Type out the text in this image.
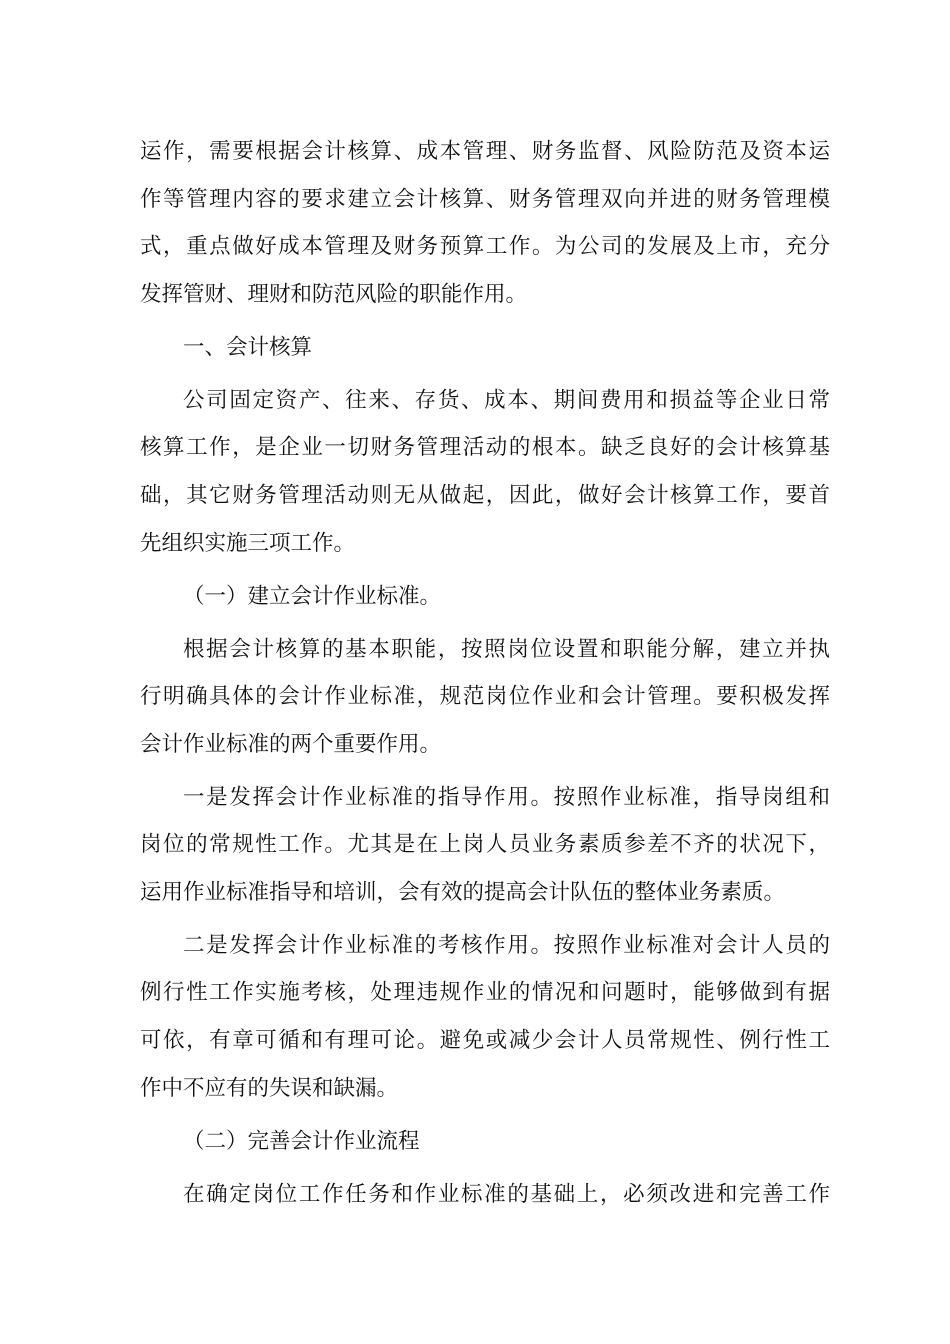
运作，需要根据会计核算、成本管理、财务监督、风险防范及资本运
作等管理内容的要求建立会计核算、财务管理双向并进的财务管理模
式，重点做好成本管理及财务预算工作。为公司的发展及上市，充分
发挥管财、理财和防范风险的职能作用。
一、会计核算
公司固定资产、往来、存货、成本、期间费用和损益等企业日常
核算工作，是企业一切财务管理活动的根本。缺乏良好的会计核算基
础，其它财务管理活动则无从做起，因此，做好会计核算工作，要首
先组织实施三项工作。
（一）建立会计作业标准。
根据会计核算的基本职能，按照岗位设置和职能分解，建立并执
行明确具体的会计作业标准，规范岗位作业和会计管理。要积极发挥
会计作业标准的两个重要作用。
一是发挥会计作业标准的指导作用。按照作业标准，指导岗组和
岗位的常规性工作。尤其是在上岗人员业务素质参差不齐的状况下，
运用作业标准指导和培训，会有效的提高会计队伍的整体业务素质。
二是发挥会计作业标准的考核作用。按照作业标准对会计人员的
例行性工作实施考核，处理违规作业的情况和问题时，能够做到有据
可依，有章可循和有理可论。避免或减少会计人员常规性、例行性工
作中不应有的失误和缺漏。
（二）完善会计作业流程
在确定岗位工作任务和作业标准的基础上，必须改进和完善工作
